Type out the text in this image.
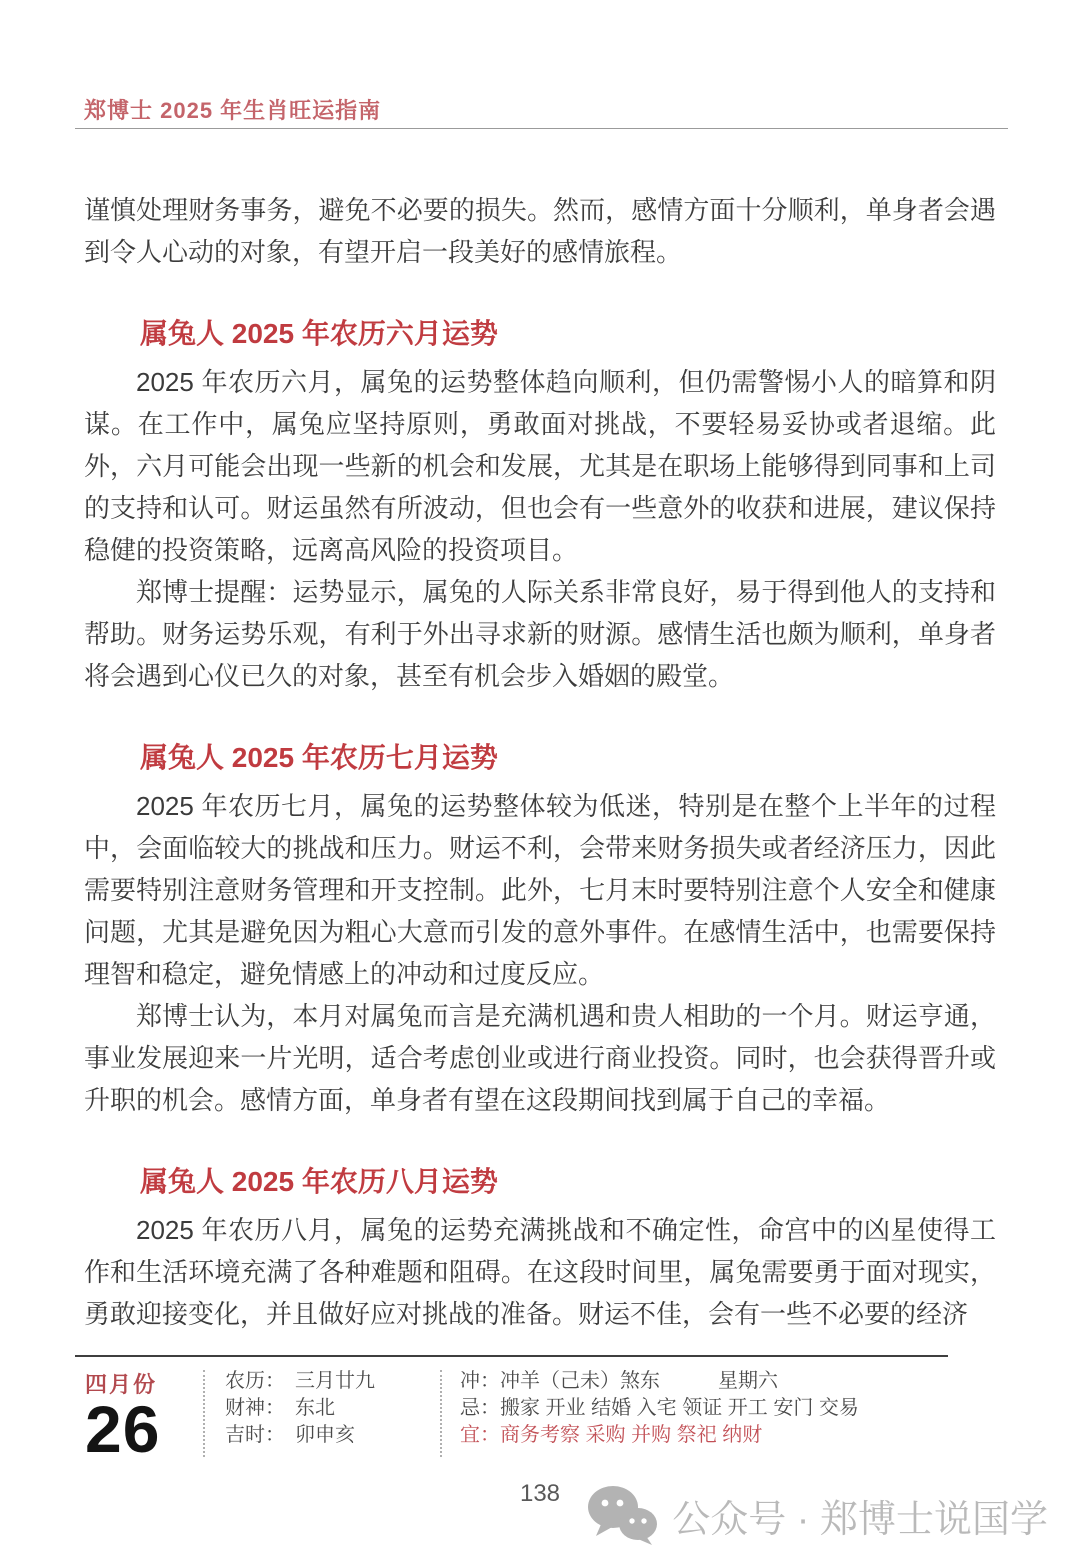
郑博士 2025 年生肖旺运指南

谨慎处理财务事务，避免不必要的损失。然而，感情方面十分顺利，单身者会遇到令人心动的对象，有望开启一段美好的感情旅程。

属兔人 2025 年农历六月运势

2025 年农历六月，属兔的运势整体趋向顺利，但仍需警惕小人的暗算和阴谋。在工作中，属兔应坚持原则，勇敢面对挑战，不要轻易妥协或者退缩。此外，六月可能会出现一些新的机会和发展，尤其是在职场上能够得到同事和上司的支持和认可。财运虽然有所波动，但也会有一些意外的收获和进展，建议保持稳健的投资策略，远离高风险的投资项目。

郑博士提醒：运势显示，属兔的人际关系非常良好，易于得到他人的支持和帮助。财务运势乐观，有利于外出寻求新的财源。感情生活也颇为顺利，单身者将会遇到心仪已久的对象，甚至有机会步入婚姻的殿堂。

属兔人 2025 年农历七月运势

2025 年农历七月，属兔的运势整体较为低迷，特别是在整个上半年的过程中，会面临较大的挑战和压力。财运不利，会带来财务损失或者经济压力，因此需要特别注意财务管理和开支控制。此外，七月末时要特别注意个人安全和健康问题，尤其是避免因为粗心大意而引发的意外事件。在感情生活中，也需要保持理智和稳定，避免情感上的冲动和过度反应。

郑博士认为，本月对属兔而言是充满机遇和贵人相助的一个月。财运亨通，事业发展迎来一片光明，适合考虑创业或进行商业投资。同时，也会获得晋升或升职的机会。感情方面，单身者有望在这段期间找到属于自己的幸福。

属兔人 2025 年农历八月运势

2025 年农历八月，属兔的运势充满挑战和不确定性，命宫中的凶星使得工作和生活环境充满了各种难题和阻碍。在这段时间里，属兔需要勇于面对现实，勇敢迎接变化，并且做好应对挑战的准备。财运不佳，会有一些不必要的经济

四月份
26
农历： 三月廿九
财神： 东北
吉时： 卯申亥
冲：冲羊（己未）煞东	星期六
忌：搬家 开业 结婚 入宅 领证 开工 安门 交易
宜：商务考察 采购 并购 祭祀 纳财
138
公众号 · 郑博士说国学
